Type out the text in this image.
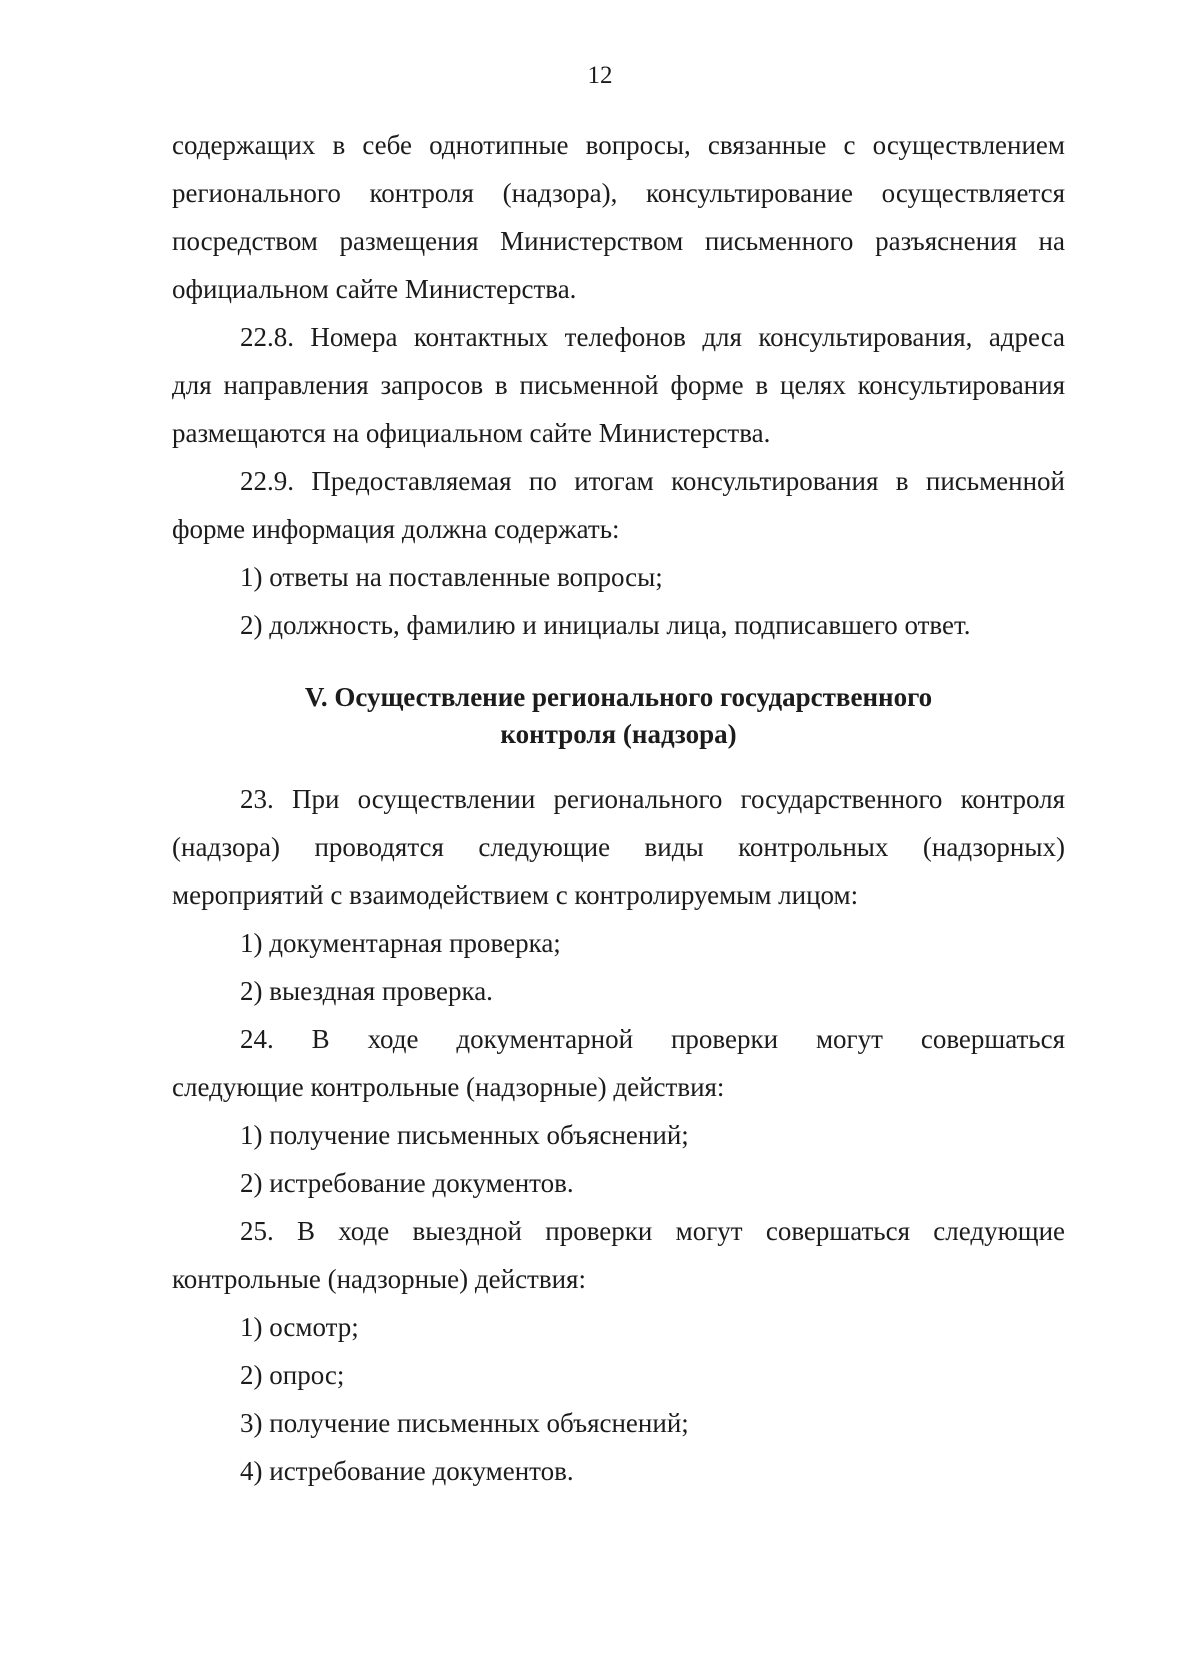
12
содержащих в себе однотипные вопросы, связанные с осуществлением
регионального контроля (надзора), консультирование осуществляется
посредством размещения Министерством письменного разъяснения на
официальном сайте Министерства.
22.8. Номера контактных телефонов для консультирования, адреса
для направления запросов в письменной форме в целях консультирования
размещаются на официальном сайте Министерства.
22.9. Предоставляемая по итогам консультирования в письменной
форме информация должна содержать:
1) ответы на поставленные вопросы;
2) должность, фамилию и инициалы лица, подписавшего ответ.
V. Осуществление регионального государственного
контроля (надзора)
23. При осуществлении регионального государственного контроля
(надзора) проводятся следующие виды контрольных (надзорных)
мероприятий с взаимодействием с контролируемым лицом:
1) документарная проверка;
2) выездная проверка.
24. В ходе документарной проверки могут совершаться
следующие контрольные (надзорные) действия:
1) получение письменных объяснений;
2) истребование документов.
25. В ходе выездной проверки могут совершаться следующие
контрольные (надзорные) действия:
1) осмотр;
2) опрос;
3) получение письменных объяснений;
4) истребование документов.
